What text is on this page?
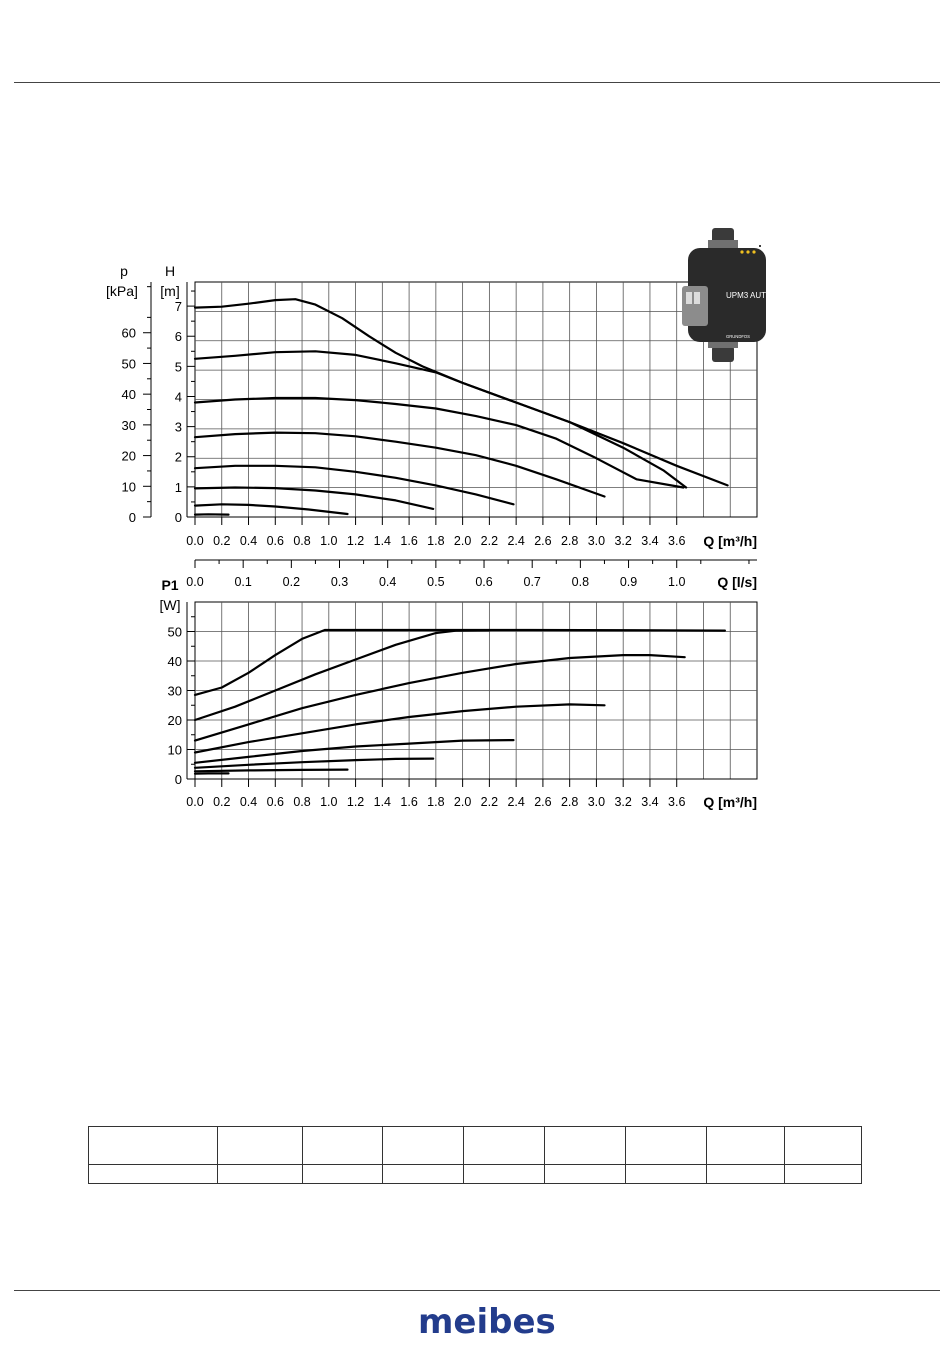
0
1
2
3
4
5
6
7
0
10
20
30
40
50
60
p
[kPa]
H
[m]
0.0 0.2 0.4 0.6 0.8 1.0 1.2 1.4 1.6 1.8 2.0 2.2 2.4 2.6 2.8 3.0 3.2 3.4 3.6 Q [m³/h]
0.0 0.1 0.2 0.3 0.4 0.5 0.6 0.7 0.8 0.9 1.0 Q [l/s]
0
10
20
30
40
50
P1
[W]
0.0 0.2 0.4 0.6 0.8 1.0 1.2 1.4 1.6 1.8 2.0 2.2 2.4 2.6 2.8 3.0 3.2 3.4 3.6 Q [m³/h]
UPM3 AUTO
GRUNDFOS

meibes
